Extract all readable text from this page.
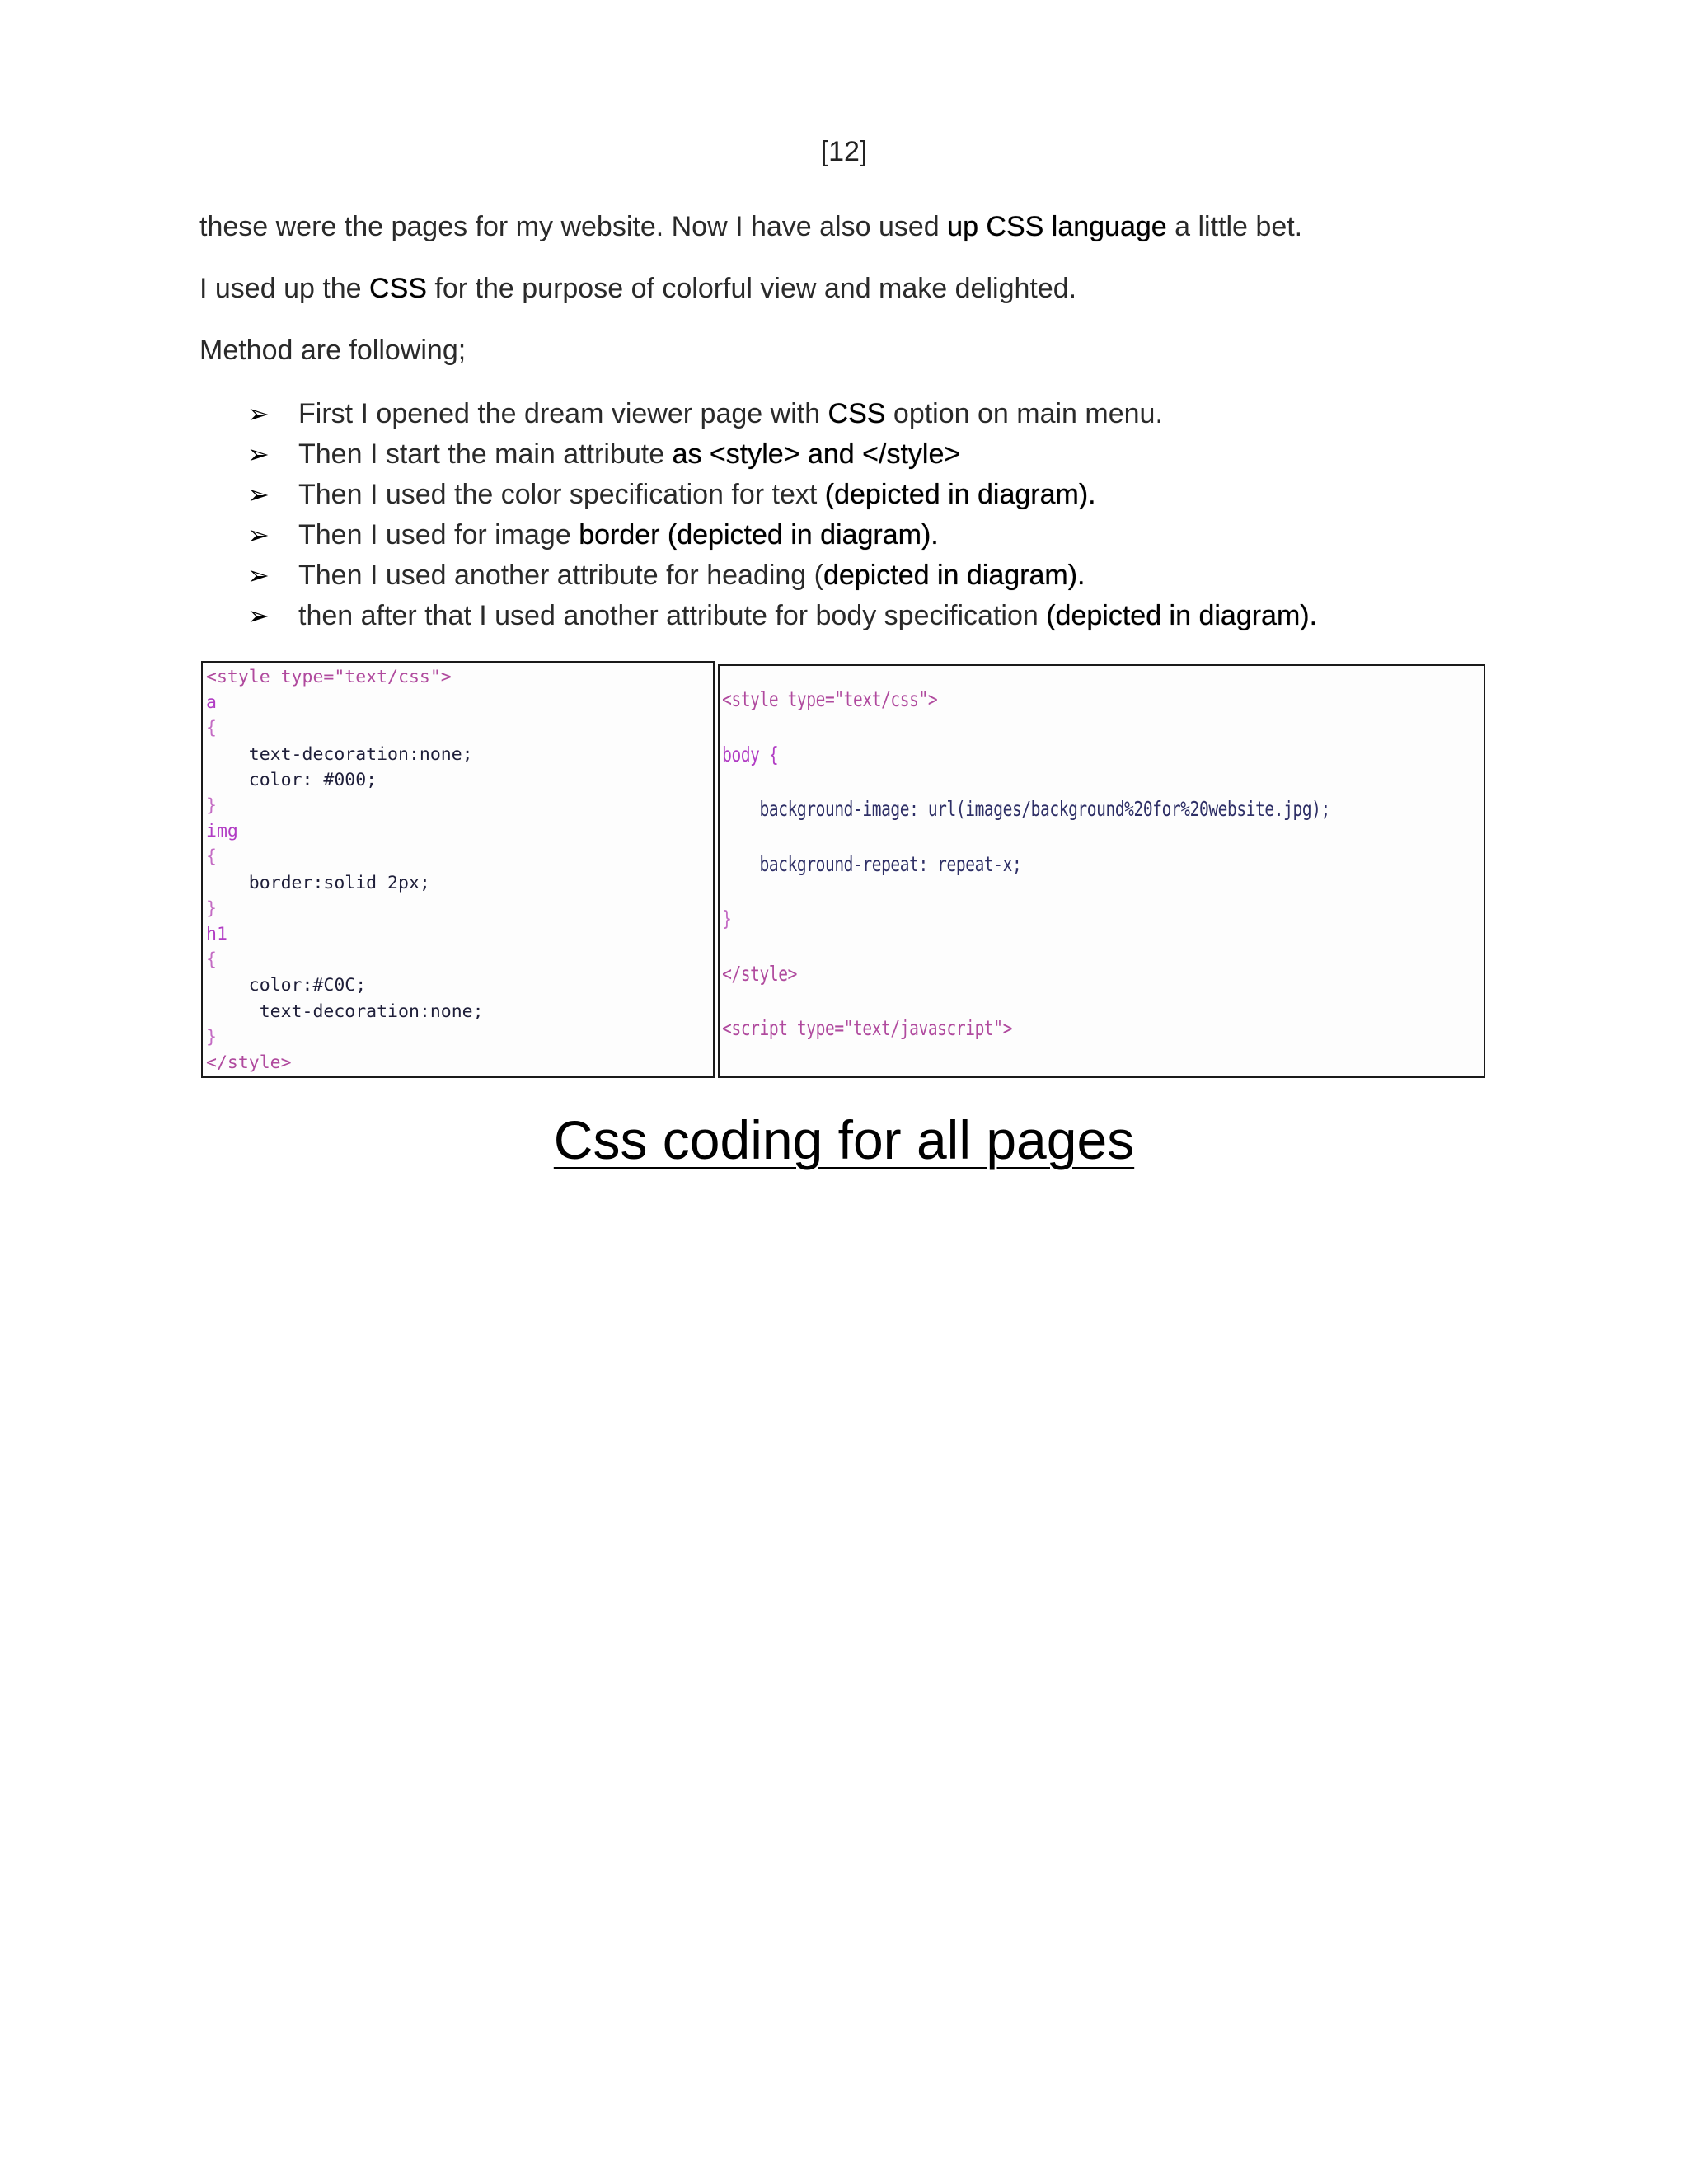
[12]
these were the pages for my website. Now I have also used up CSS language a little bet.
I used up the CSS for the purpose of colorful view and make delighted.
Method are following;
➢	First I opened the dream viewer page with CSS option on main menu.
➢	Then I start the main attribute as <style> and </style>
➢	Then I used the color specification for text (depicted in diagram).
➢	Then I used for image border (depicted in diagram).
➢	Then I used another attribute for heading (depicted in diagram).
➢	then after that I used another attribute for body specification (depicted in diagram).
<style type="text/css">
a
{
text-decoration:none;
color: #000;
}
img
{
border:solid 2px;
}
h1
{
color:#C0C;
text-decoration:none;
}
</style>
<style type="text/css">
body {
background-image: url(images/background%20for%20website.jpg);
background-repeat: repeat-x;
}
</style>
<script type="text/javascript">
Css coding for all pages
